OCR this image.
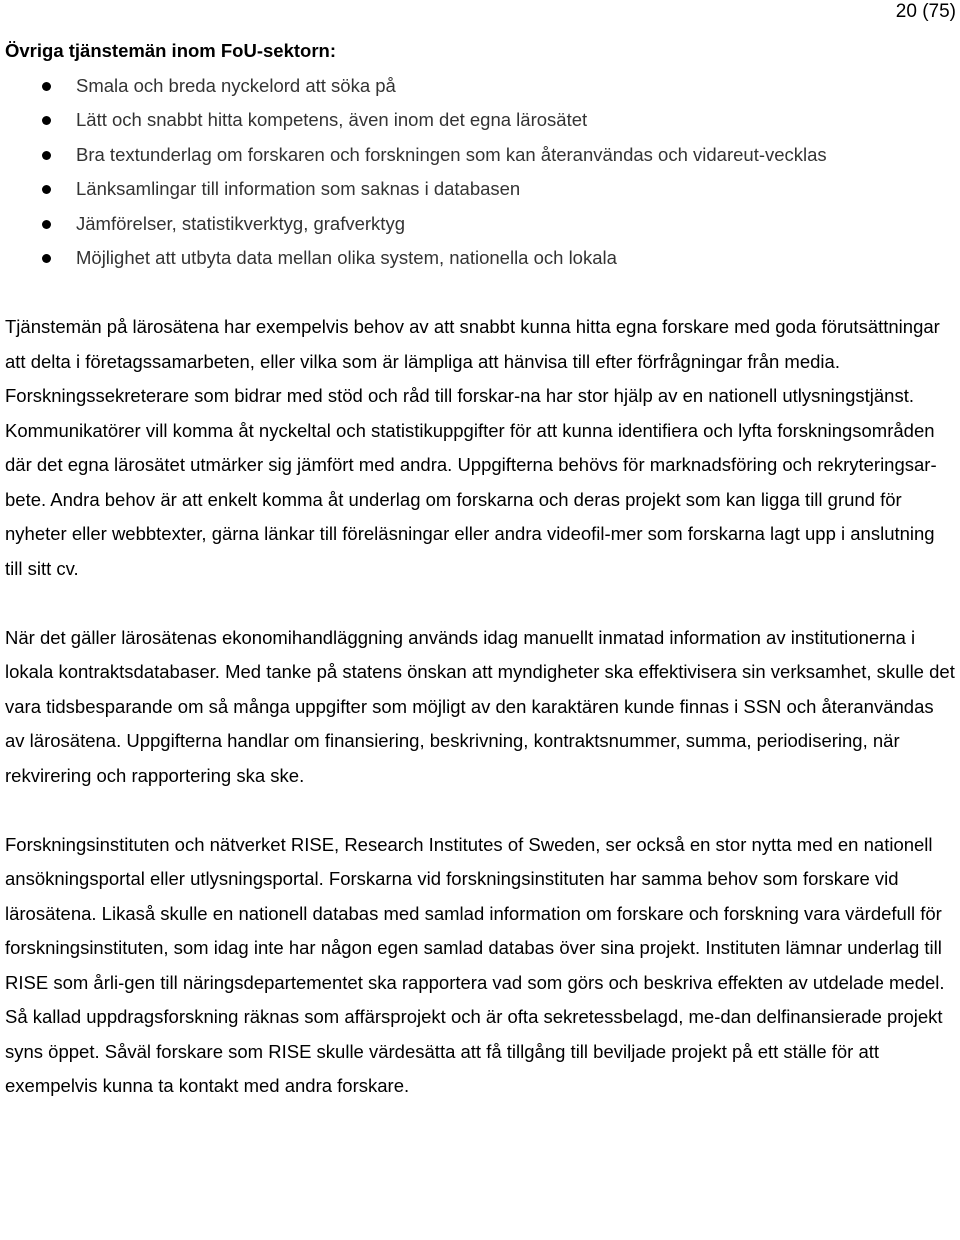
20 (75)

Övriga tjänstemän inom FoU-sektorn:

Smala och breda nyckelord att söka på
Lätt och snabbt hitta kompetens, även inom det egna lärosätet
Bra textunderlag om forskaren och forskningen som kan återanvändas och vidareut-vecklas
Länksamlingar till information som saknas i databasen
Jämförelser, statistikverktyg, grafverktyg
Möjlighet att utbyta data mellan olika system, nationella och lokala

Tjänstemän på lärosätena har exempelvis behov av att snabbt kunna hitta egna forskare med goda förutsättningar att delta i företagssamarbeten, eller vilka som är lämpliga att hänvisa till efter förfrågningar från media. Forskningssekreterare som bidrar med stöd och råd till forskar-na har stor hjälp av en nationell utlysningstjänst. Kommunikatörer vill komma åt nyckeltal och statistikuppgifter för att kunna identifiera och lyfta forskningsområden där det egna lärosätet utmärker sig jämfört med andra. Uppgifterna behövs för marknadsföring och rekryteringsar-bete. Andra behov är att enkelt komma åt underlag om forskarna och deras projekt som kan ligga till grund för nyheter eller webbtexter, gärna länkar till föreläsningar eller andra videofil-mer som forskarna lagt upp i anslutning till sitt cv.

När det gäller lärosätenas ekonomihandläggning används idag manuellt inmatad information av institutionerna i lokala kontraktsdatabaser. Med tanke på statens önskan att myndigheter ska effektivisera sin verksamhet, skulle det vara tidsbesparande om så många uppgifter som möjligt av den karaktären kunde finnas i SSN och återanvändas av lärosätena. Uppgifterna handlar om finansiering, beskrivning, kontraktsnummer, summa, periodisering, när rekvirering och rapportering ska ske.

Forskningsinstituten och nätverket RISE, Research Institutes of Sweden, ser också en stor nytta med en nationell ansökningsportal eller utlysningsportal. Forskarna vid forskningsinstituten har samma behov som forskare vid lärosätena. Likaså skulle en nationell databas med samlad information om forskare och forskning vara värdefull för forskningsinstituten, som idag inte har någon egen samlad databas över sina projekt. Instituten lämnar underlag till RISE som årli-gen till näringsdepartementet ska rapportera vad som görs och beskriva effekten av utdelade medel. Så kallad uppdragsforskning räknas som affärsprojekt och är ofta sekretessbelagd, me-dan delfinansierade projekt syns öppet. Såväl forskare som RISE skulle värdesätta att få tillgång till beviljade projekt på ett ställe för att exempelvis kunna ta kontakt med andra forskare.
